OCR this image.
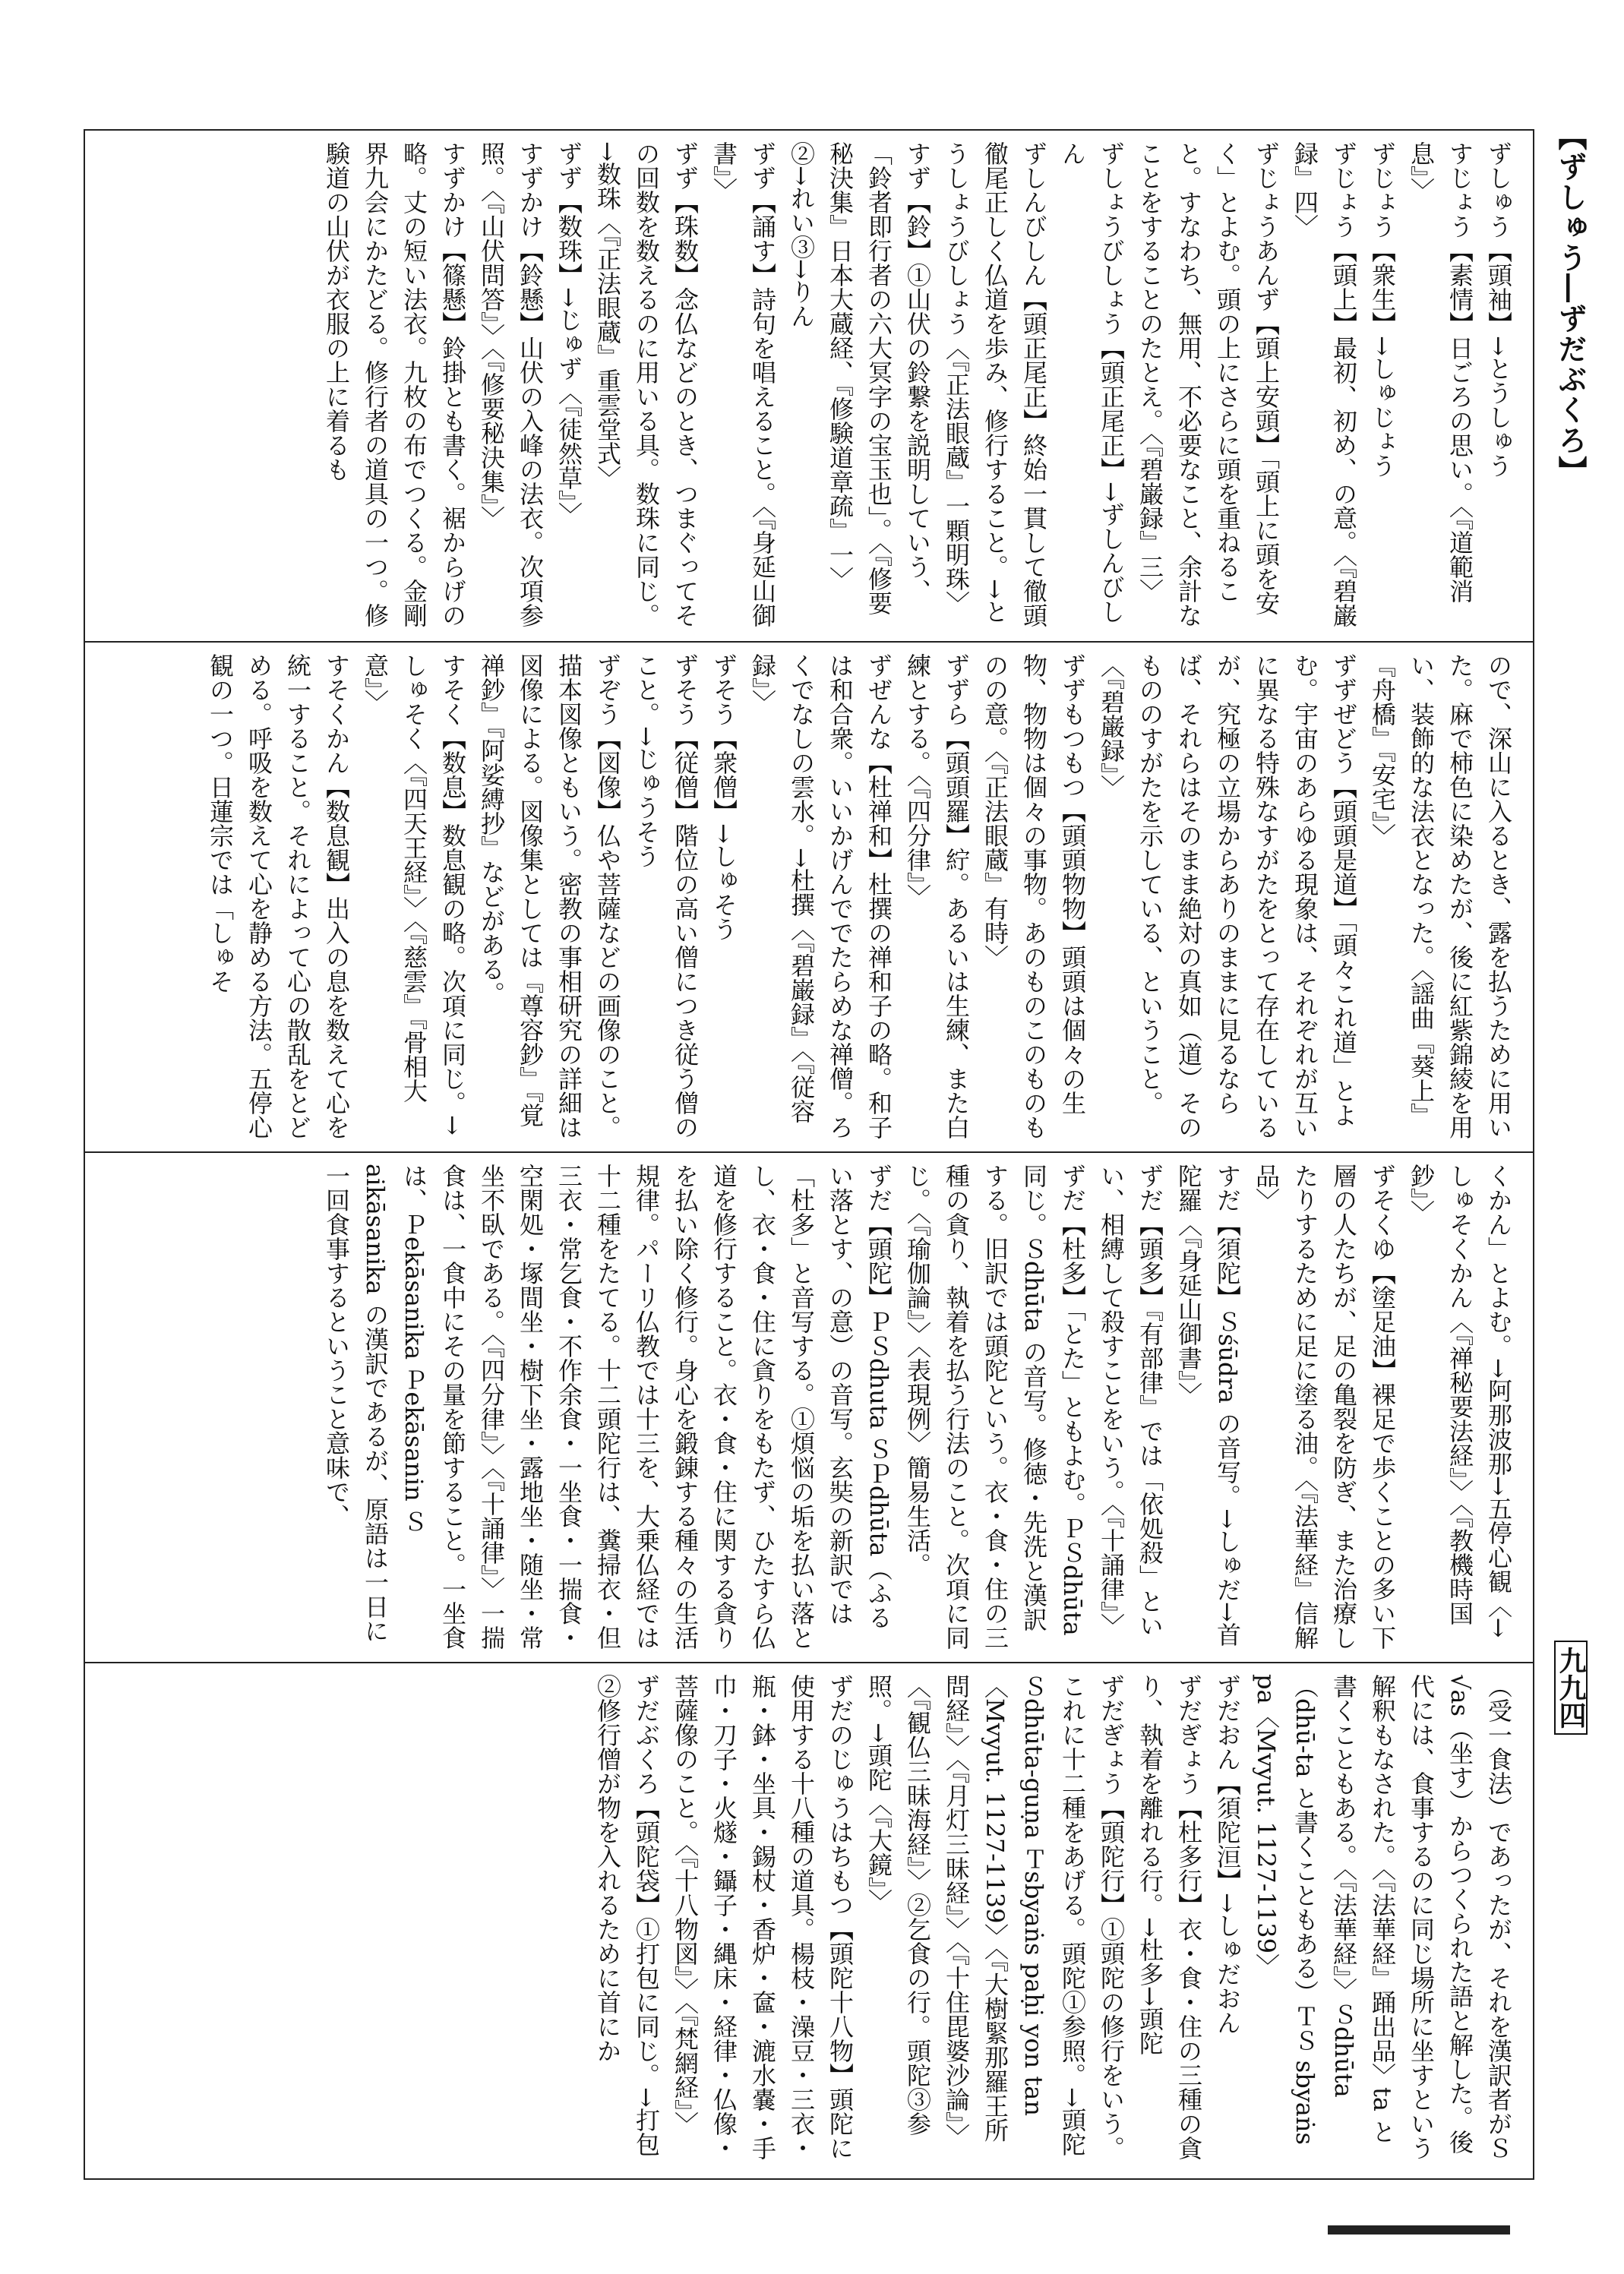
【ずしゅう―ずだぶくろ】
九九四
ずしゅう【頭袖】→とうしゅう
すじょう【素情】日ごろの思い。〈『道範消息』〉
ずじょう【衆生】→しゅじょう
ずじょう【頭上】最初、初め、の意。〈『碧巌録』四〉
ずじょうあんず【頭上安頭】「頭上に頭を安く」とよむ。頭の上にさらに頭を重ねること。すなわち、無用、不必要なこと、余計なことをすることのたとえ。〈『碧巌録』三〉
ずしょうびしょう【頭正尾正】→ずしんびしん
ずしんびしん【頭正尾正】終始一貫して徹頭徹尾正しく仏道を歩み、修行すること。→とうしょうびしょう〈『正法眼蔵』一顆明珠〉
すず【鈴】①山伏の鈴繋を説明していう、「鈴者即行者の六大冥字の宝玉也」。〈『修要秘決集』日本大蔵経、『修験道章疏』一〉②→れい③→りん
ずず【誦す】詩句を唱えること。〈『身延山御書』〉
ずず【珠数】念仏などのとき、つまぐってその回数を数えるのに用いる具。数珠に同じ。→数珠〈『正法眼蔵』重雲堂式〉
ずず【数珠】→じゅず〈『徒然草』〉
すずかけ【鈴懸】山伏の入峰の法衣。次項参照。〈『山伏問答』〉〈『修要秘決集』〉
すずかけ【篠懸】鈴掛とも書く。裾からげの略。丈の短い法衣。九枚の布でつくる。金剛界九会にかたどる。修行者の道具の一つ。修験道の山伏が衣服の上に着るも
ので、深山に入るとき、露を払うために用いた。麻で柿色に染めたが、後に紅紫錦綾を用い、装飾的な法衣となった。〈謡曲『葵上』『舟橋』『安宅』〉
ずずぜどう【頭頭是道】「頭々これ道」とよむ。宇宙のあらゆる現象は、それぞれが互いに異なる特殊なすがたをとって存在しているが、究極の立場からありのままに見るならば、それらはそのまま絶対の真如（道）そのもののすがたを示している、ということ。〈『碧巌録』〉
ずずもつもつ【頭頭物物】頭頭は個々の生物、物物は個々の事物。あのものこのものものの意。〈『正法眼蔵』有時〉
ずずら【頭頭羅】紵。あるいは生練、また白練とする。〈『四分律』〉
ずぜんな【杜禅和】杜撰の禅和子の略。和子は和合衆。いいかげんででたらめな禅僧。ろくでなしの雲水。→杜撰〈『碧巌録』〈『従容録』〉
ずそう【衆僧】→しゅそう
ずそう【従僧】階位の高い僧につき従う僧のこと。→じゅうそう
ずぞう【図像】仏や菩薩などの画像のこと。描本図像ともいう。密教の事相研究の詳細は図像による。図像集としては『尊容鈔』『覚禅鈔』『阿娑縛抄』などがある。
すそく【数息】数息観の略。次項に同じ。→しゅそく〈『四天王経』〉〈『慈雲』『骨相大意』〉
すそくかん【数息観】出入の息を数えて心を統一すること。それによって心の散乱をとどめる。呼吸を数えて心を静める方法。五停心観の一つ。日蓮宗では「しゅそ
くかん」とよむ。→阿那波那→五停心観〈→しゅそくかん〈『禅秘要法経』〉〈『教機時国鈔』〉
ずそくゆ【塗足油】裸足で歩くことの多い下層の人たちが、足の亀裂を防ぎ、また治療したりするために足に塗る油。〈『法華経』信解品〉
すだ【須陀】Ｓśūdra の音写。→しゅだ→首陀羅〈『身延山御書』〉
ずだ【頭多】『有部律』では「依処殺」といい、相縛して殺すことをいう。〈『十誦律』〉
ずだ【杜多】「とた」ともよむ。ＰＳdhūta 同じ。Ｓdhūta の音写。修徳・先洗と漢訳する。旧訳では頭陀という。衣・食・住の三種の貪り、執着を払う行法のこと。次項に同じ。〈『瑜伽論』〉〈表現例〉簡易生活。
ずだ【頭陀】ＰＳdhuta ＳＰdhūta（ふるい落とす、の意）の音写。玄奘の新訳では「杜多」と音写する。①煩悩の垢を払い落とし、衣・食・住に貪りをもたず、ひたすら仏道を修行すること。衣・食・住に関する貪りを払い除く修行。身心を鍛錬する種々の生活規律。パーリ仏教では十三を、大乗仏経では十二種をたてる。十二頭陀行は、糞掃衣・但三衣・常乞食・不作余食・一坐食・一揣食・空閑処・塚間坐・樹下坐・露地坐・随坐・常坐不臥である。〈『四分律』〉〈『十誦律』〉一揣食は、一食中にその量を節すること。一坐食は、Ｐekāsanika Ｐekāsanin Ｓaikāsanika の漢訳であるが、原語は一日に一回食事するということ意味で、
（受一食法）であったが、それを漢訳者がＳ√as（坐す）からつくられた語と解した。後代には、食事するのに同じ場所に坐すという解釈もなされた。〈『法華経』踊出品〉ta と書くこともある。〈『法華経』〉Ｓdhūta（dhū-ta と書くこともある）ＴＳ sbyaṅs pa〈Mvyut. 1127-1139〉
ずだおん【須陀洹】→しゅだおん
ずだぎょう【杜多行】衣・食・住の三種の貪り、執着を離れる行。→杜多→頭陀
ずだぎょう【頭陀行】①頭陀の修行をいう。これに十二種をあげる。頭陀①参照。→頭陀 Ｓdhūta-guṇa Ｔsbyaṅs paḥi yon tan〈Mvyut. 1127-1139〉〈『大樹緊那羅王所問経』〉〈『月灯三昧経』〉〈『十住毘婆沙論』〉〈『観仏三昧海経』〉②乞食の行。頭陀③参照。→頭陀〈『大鏡』〉
ずだのじゅうはちもつ【頭陀十八物】頭陀に使用する十八種の道具。楊枝・澡豆・三衣・瓶・鉢・坐具・錫杖・香炉・奩・漉水嚢・手巾・刀子・火燧・鑷子・縄床・経律・仏像・菩薩像のこと。〈『十八物図』〉〈『梵網経』〉
ずだぶくろ【頭陀袋】①打包に同じ。→打包②修行僧が物を入れるために首にか
